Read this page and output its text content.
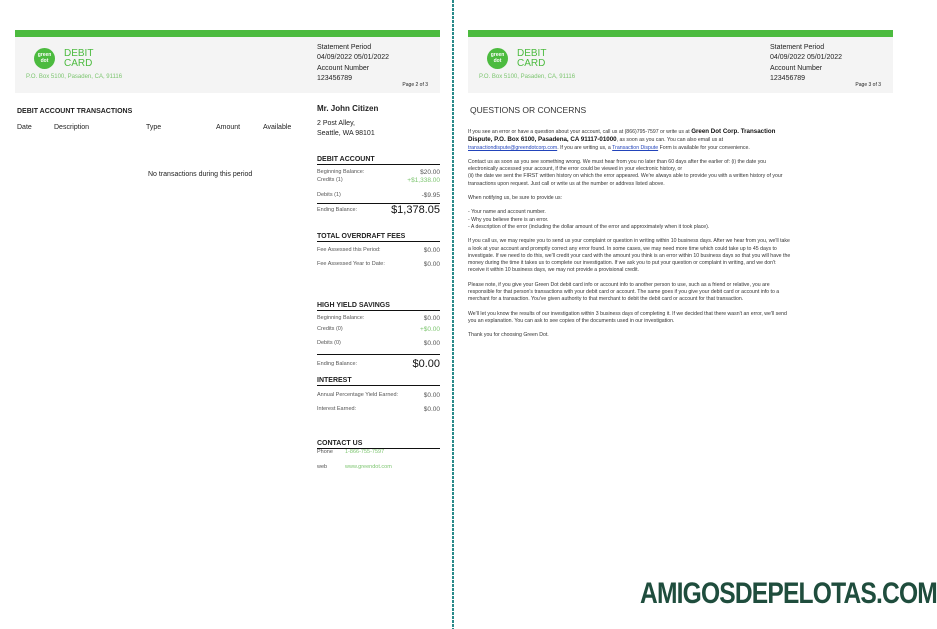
green
dot
DEBIT
CARD
P.O. Box 5100, Pasaden, CA, 91116
Statement Period
04/09/2022 05/01/2022
Account Number
123456789
Page 2 of 3
DEBIT ACCOUNT TRANSACTIONS
Date	Description	Type	Amount	Available
No transactions during this period
Mr. John Citizen
2 Post Alley,
Seattle, WA 98101
DEBIT ACCOUNT
Beginning Balance:	$20.00
Credits (1)	+$1,338.00
Debits (1)	-$9.95
Ending Balance:	$1,378.05
TOTAL OVERDRAFT FEES
Fee Assessed this Period:	$0.00
Fee Assessed Year to Date:	$0.00
HIGH YIELD SAVINGS
Beginning Balance:	$0.00
Credits (0)	+$0.00
Debits (0)	$0.00
Ending Balance:	$0.00
INTEREST
Annual Percentage Yield Earned:	$0.00
Interest Earned:	$0.00
CONTACT US
Phone 1-866-755-7597
web	www.greendot.com
green
dot
DEBIT
CARD
P.O. Box 5100, Pasaden, CA, 91116
Statement Period
04/09/2022 05/01/2022
Account Number
123456789
Page 3 of 3
QUESTIONS OR CONCERNS

If you see an error or have a question about your account, call us at (866)795-7597 or write us at Green Dot Corp. Transaction Dispute, P.O. Box 6100, Pasadena, CA 91117-01000, as soon as you can. You can also email us at transactiondispute@greendotcorp.com. If you are writing us, a Transaction Dispute Form is available for your convenience.

Contact us as soon as you see something wrong. We must hear from you no later than 60 days after the earlier of: (i) the date you electronically accessed your account, if the error could be viewed in your electronic history, or
(ii) the date we sent the FIRST written history on which the error appeared. We're always able to provide you with a written history of your transactions upon request. Just call or write us at the number or address listed above.

When notifying us, be sure to provide us:

- Your name and account number.
- Why you believe there is an error.
- A description of the error (including the dollar amount of the error and approximately when it took place).

If you call us, we may require you to send us your complaint or question in writing within 10 business days. After we hear from you, we'll take a look at your account and promptly correct any error found. In some cases, we may need more time which could take up to 45 days to investigate. If we need to do this, we'll credit your card with the amount you think is an error within 10 business days so that you will have the money during the time it takes us to complete our investigation. If we ask you to put your question or complaint in writing, and we don't receive it within 10 business days, we may not provide a provisional credit.

Please note, if you give your Green Dot debit card info or account info to another person to use, such as a friend or relative, you are responsible for that person's transactions with your debit card or account. The same goes if you give your debit card or account info to a merchant for a transaction. You've given authority to that merchant to debit the debit card or account for that transaction.

We'll let you know the results of our investigation within 3 business days of completing it. If we decided that there wasn't an error, we'll send you an explanation. You can ask to see copies of the documents used in our investigation.

Thank you for choosing Green Dot.

AMIGOSDEPELOTAS.COM
